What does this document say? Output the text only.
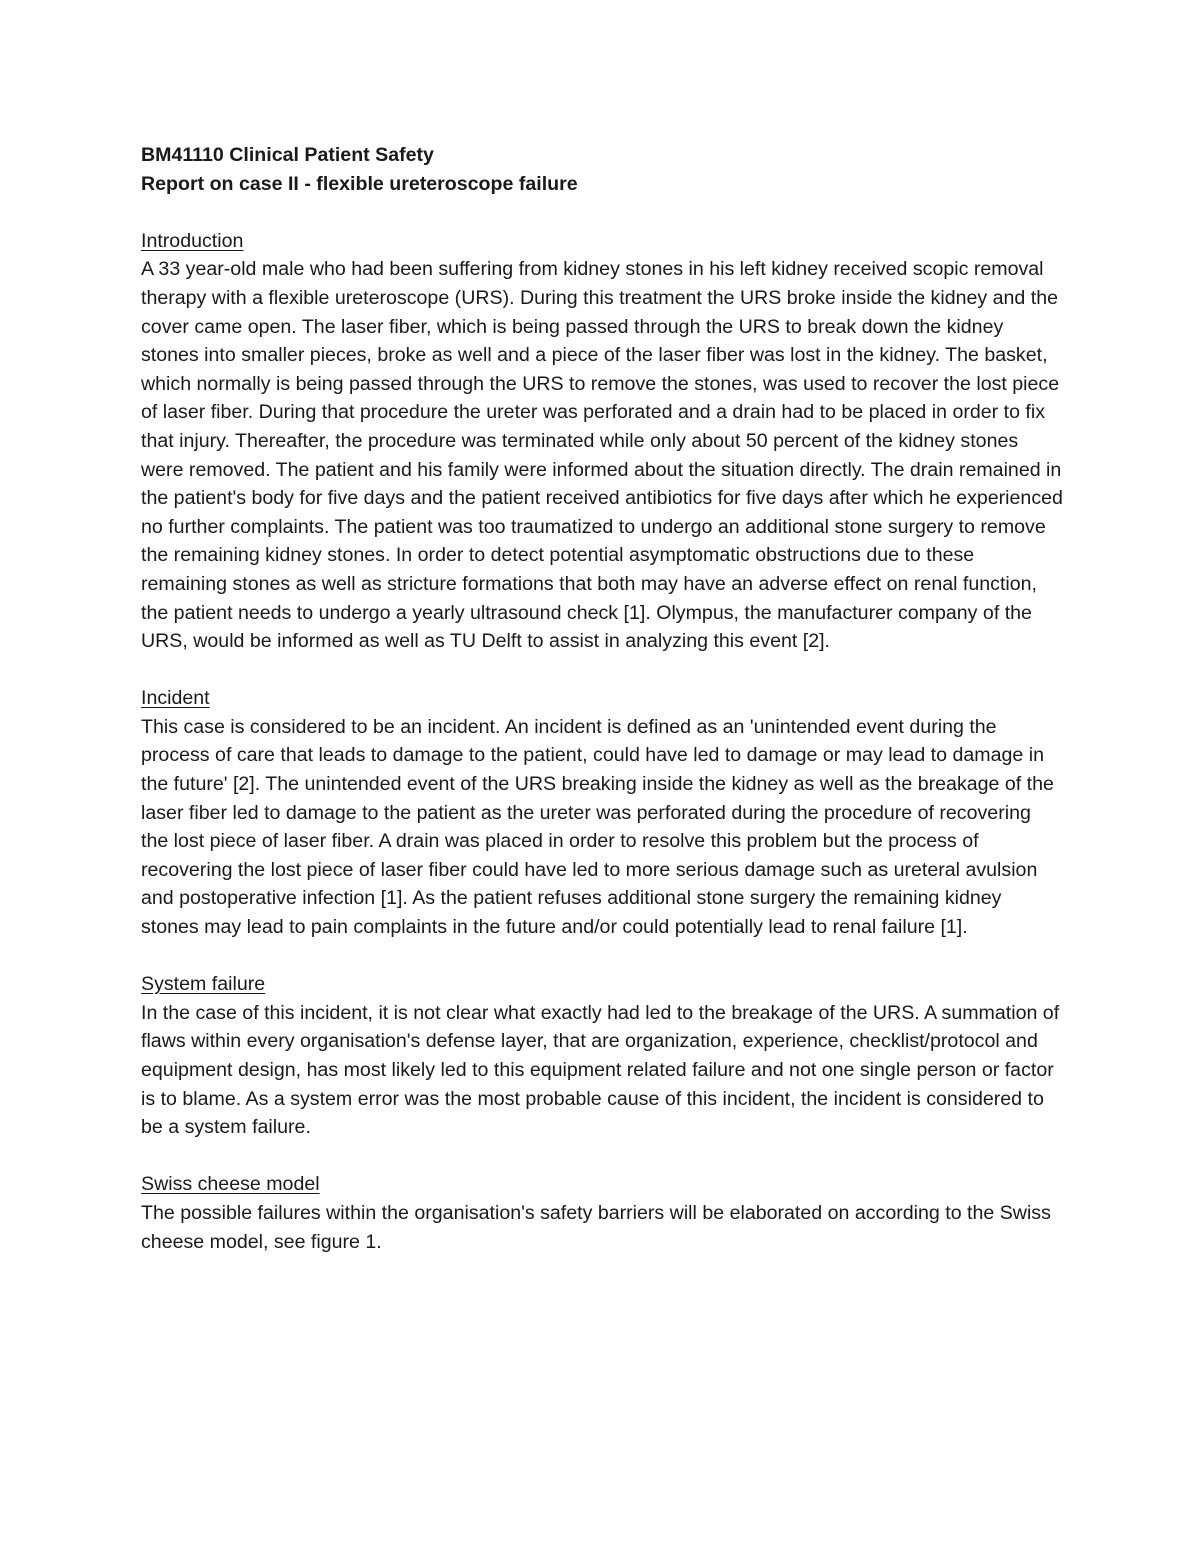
BM41110 Clinical Patient Safety

Report on case II - flexible ureteroscope failure

Introduction

A 33 year-old male who had been suffering from kidney stones in his left kidney received scopic removal therapy with a flexible ureteroscope (URS). During this treatment the URS broke inside the kidney and the cover came open. The laser fiber, which is being passed through the URS to break down the kidney stones into smaller pieces, broke as well and a piece of the laser fiber was lost in the kidney. The basket, which normally is being passed through the URS to remove the stones, was used to recover the lost piece of laser fiber. During that procedure the ureter was perforated and a drain had to be placed in order to fix that injury. Thereafter, the procedure was terminated while only about 50 percent of the kidney stones were removed. The patient and his family were informed about the situation directly. The drain remained in the patient's body for five days and the patient received antibiotics for five days after which he experienced no further complaints. The patient was too traumatized to undergo an additional stone surgery to remove the remaining kidney stones. In order to detect potential asymptomatic obstructions due to these remaining stones as well as stricture formations that both may have an adverse effect on renal function, the patient needs to undergo a yearly ultrasound check [1]. Olympus, the manufacturer company of the URS, would be informed as well as TU Delft to assist in analyzing this event [2].

Incident

This case is considered to be an incident. An incident is defined as an 'unintended event during the process of care that leads to damage to the patient, could have led to damage or may lead to damage in the future' [2]. The unintended event of the URS breaking inside the kidney as well as the breakage of the laser fiber led to damage to the patient as the ureter was perforated during the procedure of recovering the lost piece of laser fiber. A drain was placed in order to resolve this problem but the process of recovering the lost piece of laser fiber could have led to more serious damage such as ureteral avulsion and postoperative infection [1]. As the patient refuses additional stone surgery the remaining kidney stones may lead to pain complaints in the future and/or could potentially lead to renal failure [1].

System failure

In the case of this incident, it is not clear what exactly had led to the breakage of the URS. A summation of flaws within every organisation's defense layer, that are organization, experience, checklist/protocol and equipment design, has most likely led to this equipment related failure and not one single person or factor is to blame. As a system error was the most probable cause of this incident, the incident is considered to be a system failure.

Swiss cheese model

The possible failures within the organisation's safety barriers will be elaborated on according to the Swiss cheese model, see figure 1.
